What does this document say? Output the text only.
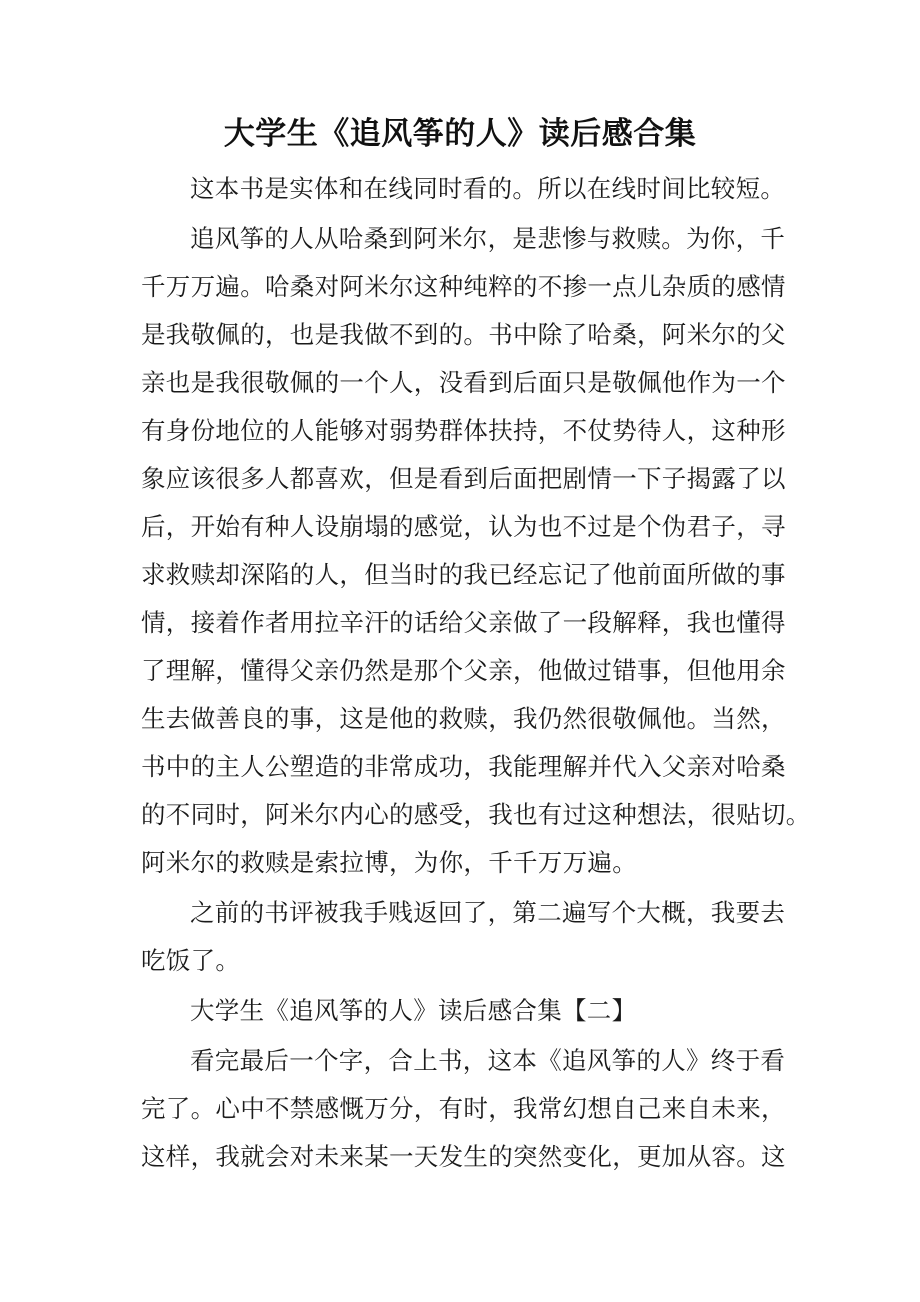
大学生《追风筝的人》读后感合集
这本书是实体和在线同时看的。所以在线时间比较短。
追风筝的人从哈桑到阿米尔，是悲惨与救赎。为你，千
千万万遍。哈桑对阿米尔这种纯粹的不掺一点儿杂质的感情
是我敬佩的，也是我做不到的。书中除了哈桑，阿米尔的父
亲也是我很敬佩的一个人，没看到后面只是敬佩他作为一个
有身份地位的人能够对弱势群体扶持，不仗势待人，这种形
象应该很多人都喜欢，但是看到后面把剧情一下子揭露了以
后，开始有种人设崩塌的感觉，认为也不过是个伪君子，寻
求救赎却深陷的人，但当时的我已经忘记了他前面所做的事
情，接着作者用拉辛汗的话给父亲做了一段解释，我也懂得
了理解，懂得父亲仍然是那个父亲，他做过错事，但他用余
生去做善良的事，这是他的救赎，我仍然很敬佩他。当然，
书中的主人公塑造的非常成功，我能理解并代入父亲对哈桑
的不同时，阿米尔内心的感受，我也有过这种想法，很贴切。
阿米尔的救赎是索拉博，为你，千千万万遍。
之前的书评被我手贱返回了，第二遍写个大概，我要去
吃饭了。
大学生《追风筝的人》读后感合集【二】
看完最后一个字，合上书，这本《追风筝的人》终于看
完了。心中不禁感慨万分，有时，我常幻想自己来自未来，
这样，我就会对未来某一天发生的突然变化，更加从容。这
